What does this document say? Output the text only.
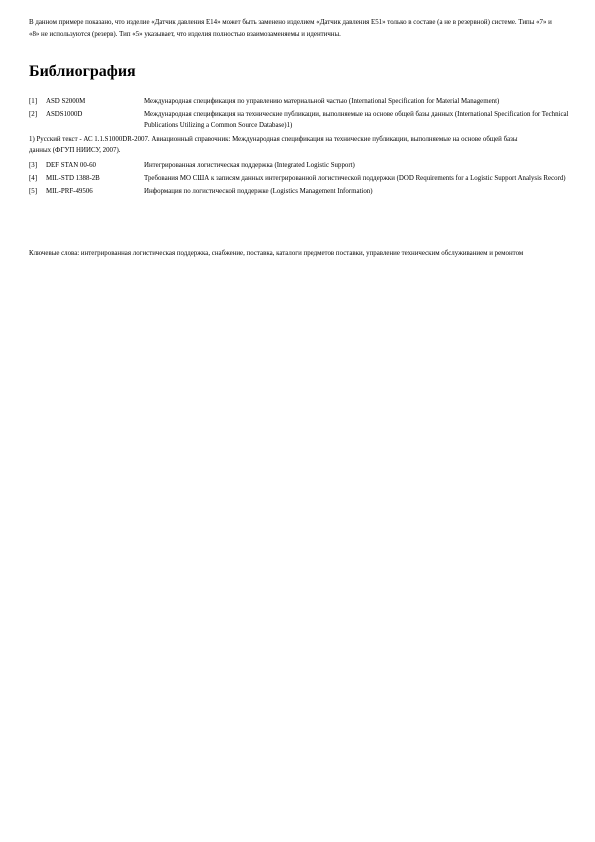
В данном примере показано, что изделие «Датчик давления E14» может быть заменено изделием «Датчик давления E51» только в составе (а не в резервной) системе. Типы «7» и «8» не используются (резерв). Тип «5» указывает, что изделия полностью взаимозаменяемы и идентичны.

Библиография
[1]	ASD S2000M	Международная спецификация по управлению материальной частью (International Specification for Material Management)
[2]	ASDS1000D	Международная спецификация на технические публикации, выполняемые на основе общей базы данных (International Specification for Technical Publications Utilizing a Common Source Database)1)
1) Русский текст - АС 1.1.S1000DR-2007. Авиационный справочник: Международная спецификация на технические публикации, выполняемые на основе общей базы данных (ФГУП НИИСУ, 2007).
[3]	DEF STAN 00-60	Интегрированная логистическая поддержка (Integrated Logistic Support)
[4]	MIL-STD 1388-2B	Требования МО США к записям данных интегрированной логистической поддержки (DOD Requirements for a Logistic Support Analysis Record)
[5]	MIL-PRF-49506	Информация по логистической поддержке (Logistics Management Information)

Ключевые слова: интегрированная логистическая поддержка, снабжение, поставка, каталоги предметов поставки, управление техническим обслуживанием и ремонтом
